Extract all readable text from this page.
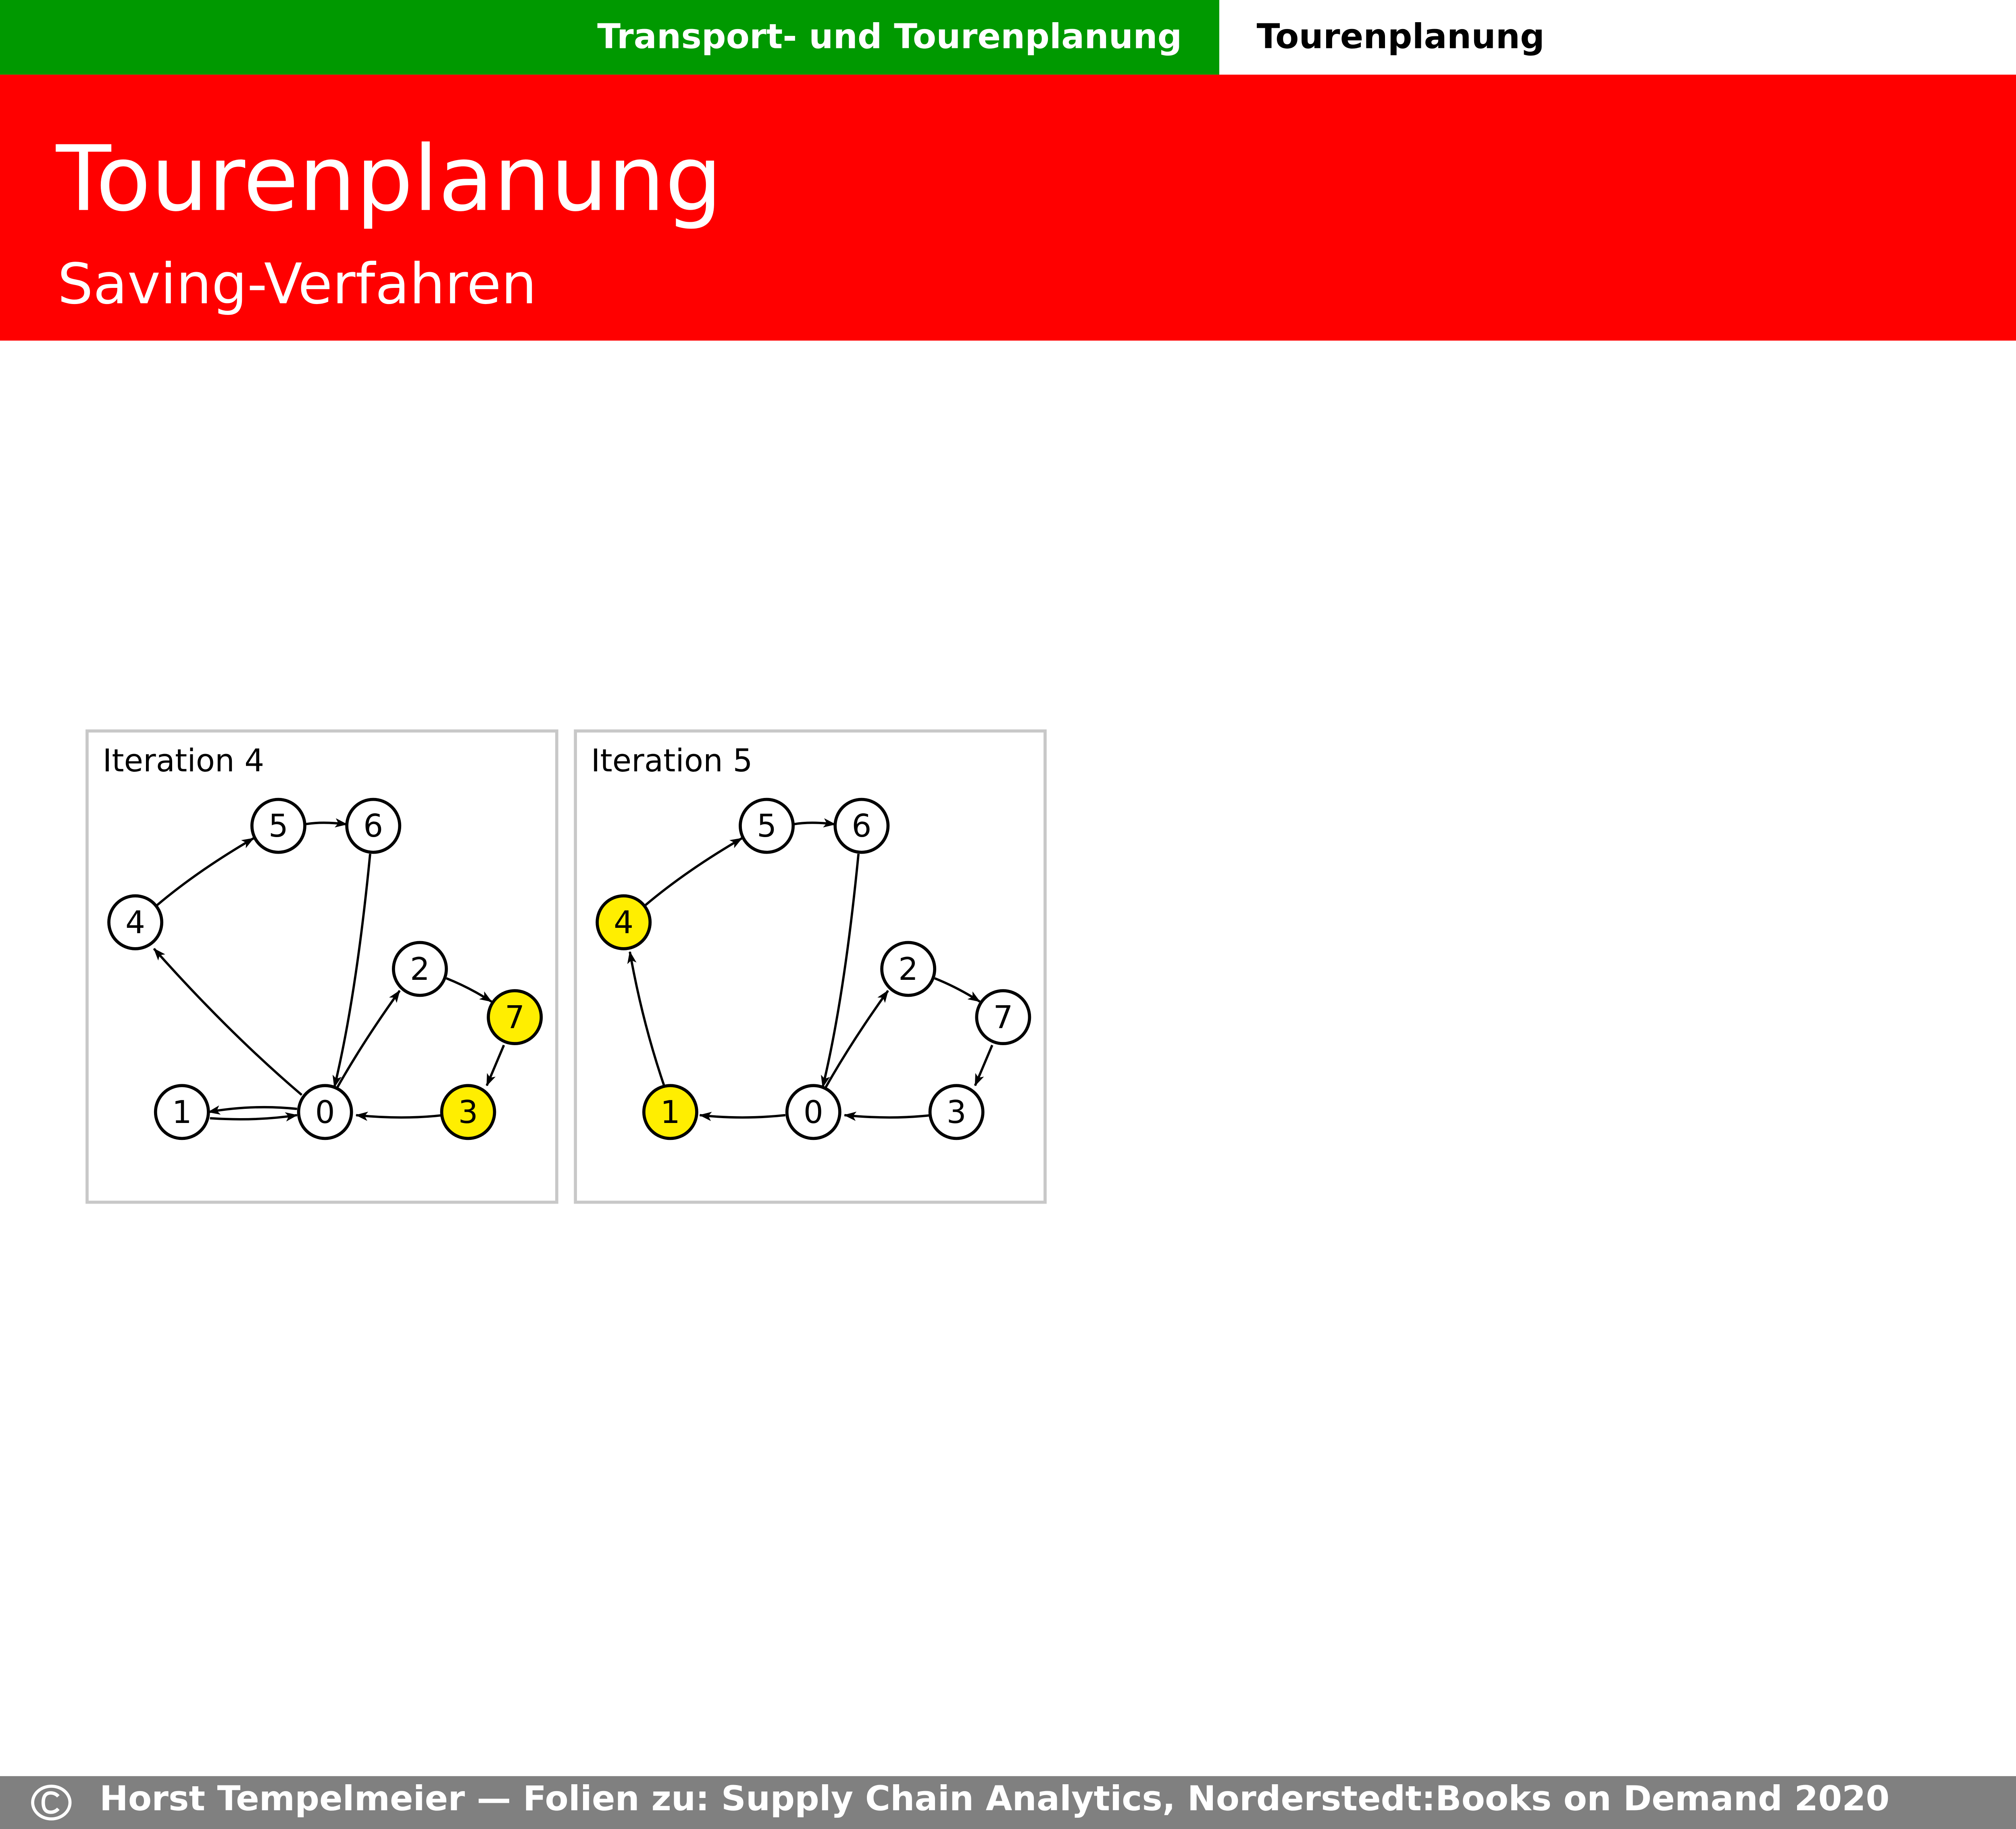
Transport- und Tourenplanung	Tourenplanung
Tourenplanung
Saving-Verfahren
Iteration 4
5	6
4
2
7
1	0	3
Iteration 5
5	6
4
2
7
1	0	3
Horst Tempelmeier — Folien zu: Supply Chain Analytics, Norderstedt:Books on Demand 2020
